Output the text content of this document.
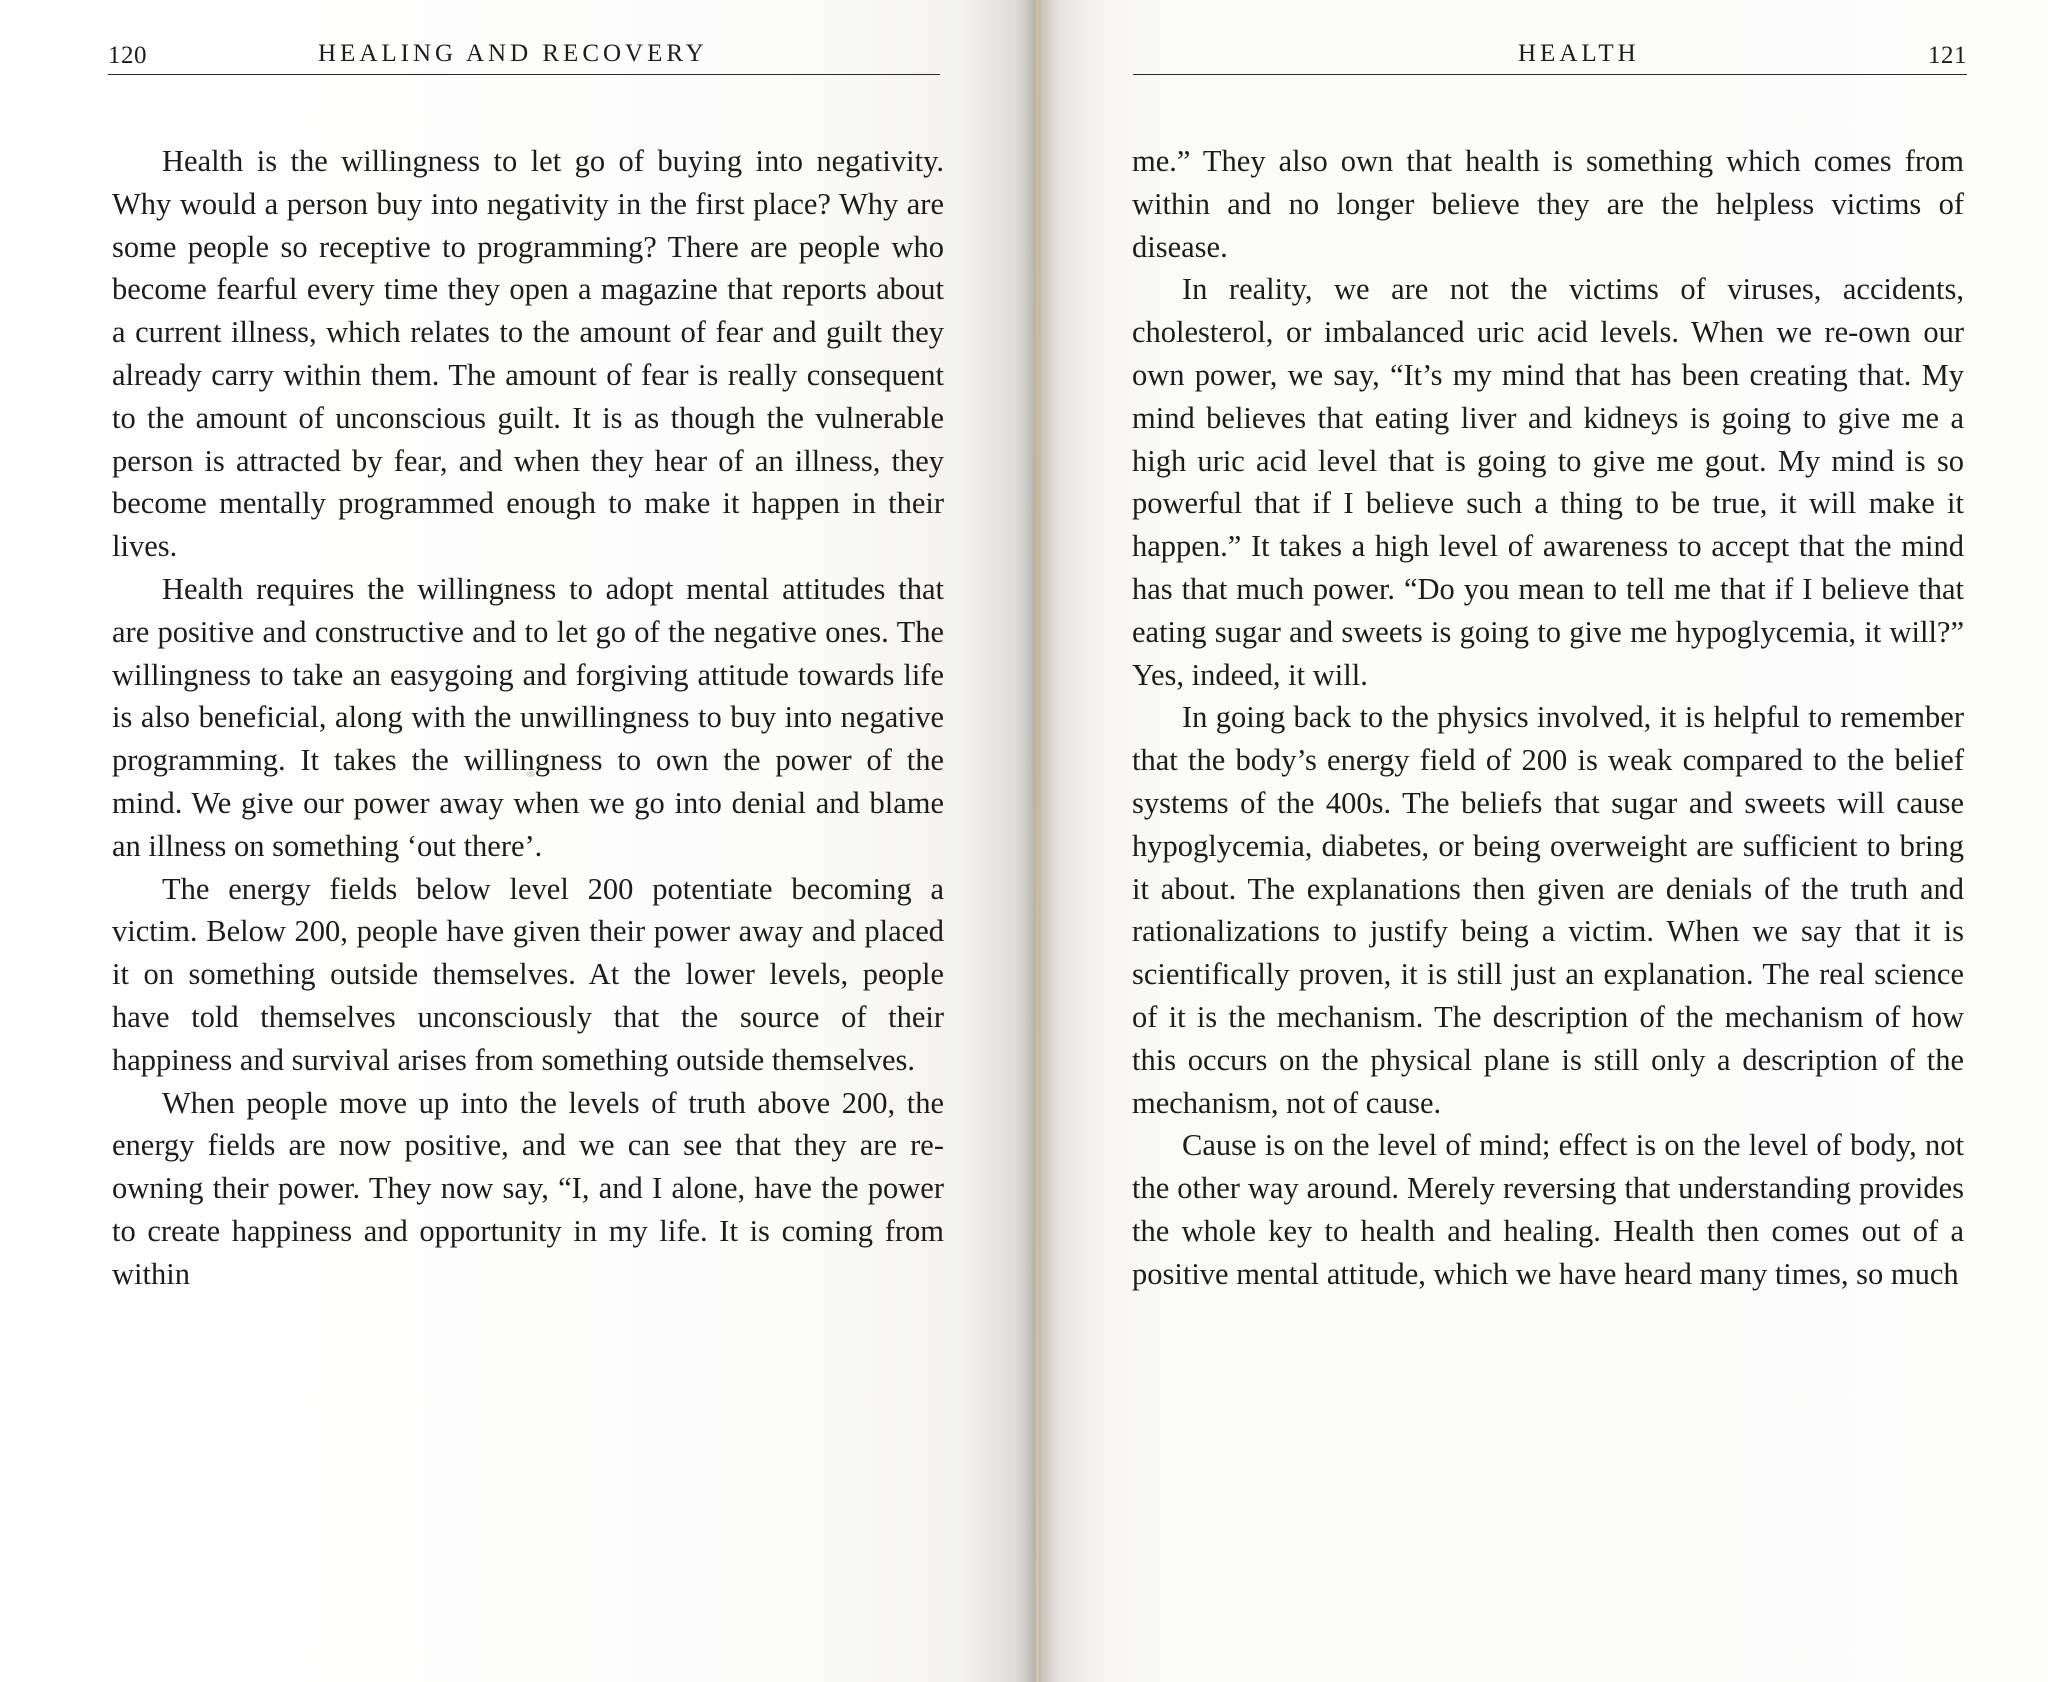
120	HEALING AND RECOVERY

Health is the willingness to let go of buying into negativity. Why would a person buy into negativity in the first place? Why are some people so receptive to programming? There are people who become fearful every time they open a magazine that reports about a current illness, which relates to the amount of fear and guilt they already carry within them. The amount of fear is really consequent to the amount of unconscious guilt. It is as though the vulnerable person is attracted by fear, and when they hear of an illness, they become mentally programmed enough to make it happen in their lives.

Health requires the willingness to adopt mental attitudes that are positive and constructive and to let go of the negative ones. The willingness to take an easygoing and forgiving attitude towards life is also beneficial, along with the unwillingness to buy into negative programming. It takes the willingness to own the power of the mind. We give our power away when we go into denial and blame an illness on something ‘out there’.

The energy fields below level 200 potentiate becoming a victim. Below 200, people have given their power away and placed it on something outside themselves. At the lower levels, people have told themselves unconsciously that the source of their happiness and survival arises from something outside themselves.

When people move up into the levels of truth above 200, the energy fields are now positive, and we can see that they are re-owning their power. They now say, “I, and I alone, have the power to create happiness and opportunity in my life. It is coming from within

HEALTH	121

me.” They also own that health is something which comes from within and no longer believe they are the helpless victims of disease.

In reality, we are not the victims of viruses, accidents, cholesterol, or imbalanced uric acid levels. When we re-own our own power, we say, “It’s my mind that has been creating that. My mind believes that eating liver and kidneys is going to give me a high uric acid level that is going to give me gout. My mind is so powerful that if I believe such a thing to be true, it will make it happen.” It takes a high level of awareness to accept that the mind has that much power. “Do you mean to tell me that if I believe that eating sugar and sweets is going to give me hypoglycemia, it will?” Yes, indeed, it will.

In going back to the physics involved, it is helpful to remember that the body’s energy field of 200 is weak compared to the belief systems of the 400s. The beliefs that sugar and sweets will cause hypoglycemia, diabetes, or being overweight are sufficient to bring it about. The explanations then given are denials of the truth and rationalizations to justify being a victim. When we say that it is scientifically proven, it is still just an explanation. The real science of it is the mechanism. The description of the mechanism of how this occurs on the physical plane is still only a description of the mechanism, not of cause.

Cause is on the level of mind; effect is on the level of body, not the other way around. Merely reversing that understanding provides the whole key to health and healing. Health then comes out of a positive mental attitude, which we have heard many times, so much
